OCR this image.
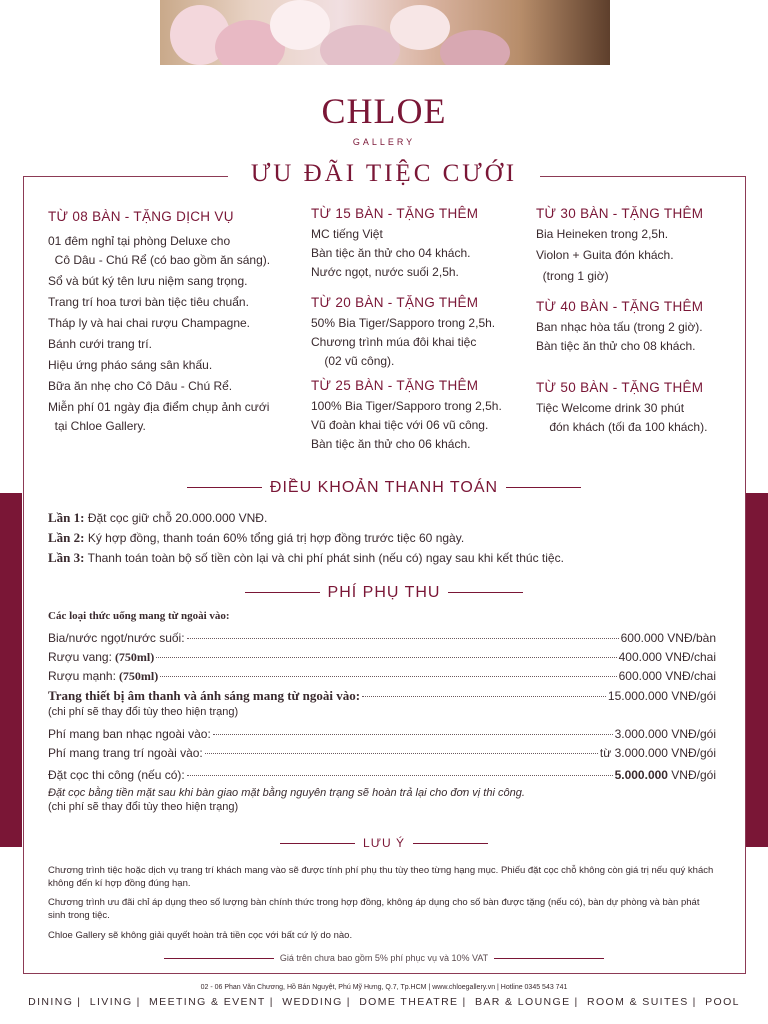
CHLOE
GALLERY
ƯU ĐÃI TIỆC CƯỚI
TỪ 08 BÀN - TẶNG DỊCH VỤ
01 đêm nghỉ tại phòng Deluxe cho
Cô Dâu - Chú Rể (có bao gồm ăn sáng).
Sổ và bút ký tên lưu niệm sang trọng.
Trang trí hoa tươi bàn tiệc tiêu chuẩn.
Tháp ly và hai chai rượu Champagne.
Bánh cưới trang trí.
Hiệu ứng pháo sáng sân khấu.
Bữa ăn nhẹ cho Cô Dâu - Chú Rể.
Miễn phí 01 ngày địa điểm chụp ảnh cưới
tại Chloe Gallery.
TỪ 15 BÀN - TẶNG THÊM
MC tiếng Việt
Bàn tiệc ăn thử cho 04 khách.
Nước ngọt, nước suối 2,5h.
TỪ 20 BÀN - TẶNG THÊM
50% Bia Tiger/Sapporo trong 2,5h.
Chương trình múa đôi khai tiệc
(02 vũ công).
TỪ 25 BÀN - TẶNG THÊM
100% Bia Tiger/Sapporo trong 2,5h.
Vũ đoàn khai tiệc với 06 vũ công.
Bàn tiệc ăn thử cho 06 khách.
TỪ 30 BÀN - TẶNG THÊM
Bia Heineken trong 2,5h.
Violon + Guita đón khách.
(trong 1 giờ)
TỪ 40 BÀN - TẶNG THÊM
Ban nhạc hòa tấu (trong 2 giờ).
Bàn tiệc ăn thử cho 08 khách.
TỪ 50 BÀN - TẶNG THÊM
Tiệc Welcome drink 30 phút
đón khách (tối đa 100 khách).
ĐIỀU KHOẢN THANH TOÁN
Lần 1: Đặt cọc giữ chỗ 20.000.000 VNĐ.
Lần 2: Ký hợp đồng, thanh toán 60% tổng giá trị hợp đồng trước tiệc 60 ngày.
Lần 3: Thanh toán toàn bộ số tiền còn lại và chi phí phát sinh (nếu có) ngay sau khi kết thúc tiệc.
PHÍ PHỤ THU
Các loại thức uống mang từ ngoài vào:
Bia/nước ngọt/nước suối:	600.000 VNĐ/bàn
Rượu vang: (750ml)	400.000 VNĐ/chai
Rượu mạnh: (750ml)	600.000 VNĐ/chai
Trang thiết bị âm thanh và ánh sáng mang từ ngoài vào:	15.000.000 VNĐ/gói
(chi phí sẽ thay đổi tùy theo hiện trạng)
Phí mang ban nhạc ngoài vào:	3.000.000 VNĐ/gói
Phí mang trang trí ngoài vào:	từ 3.000.000 VNĐ/gói
Đặt cọc thi công (nếu có):	5.000.000 VNĐ/gói
Đặt cọc bằng tiền mặt sau khi bàn giao mặt bằng nguyên trạng sẽ hoàn trả lại cho đơn vị thi công.
(chi phí sẽ thay đổi tùy theo hiện trạng)
LƯU Ý
Chương trình tiệc hoặc dịch vụ trang trí khách mang vào sẽ được tính phí phụ thu tùy theo từng hạng mục. Phiếu đặt cọc chỗ không còn giá trị nếu quý khách không đến kí hợp đồng đúng hạn.
Chương trình ưu đãi chỉ áp dụng theo số lượng bàn chính thức trong hợp đồng, không áp dụng cho số bàn được tặng (nếu có), bàn dự phòng và bàn phát sinh trong tiệc.
Chloe Gallery sẽ không giải quyết hoàn trả tiền cọc với bất cứ lý do nào.
Giá trên chưa bao gồm 5% phí phục vụ và 10% VAT
02 - 06 Phan Văn Chương, Hồ Bán Nguyệt, Phú Mỹ Hưng, Q.7, Tp.HCM | www.chloegallery.vn | Hotline 0345 543 741
DINING | LIVING | MEETING & EVENT | WEDDING | DOME THEATRE | BAR & LOUNGE | ROOM & SUITES | POOL
